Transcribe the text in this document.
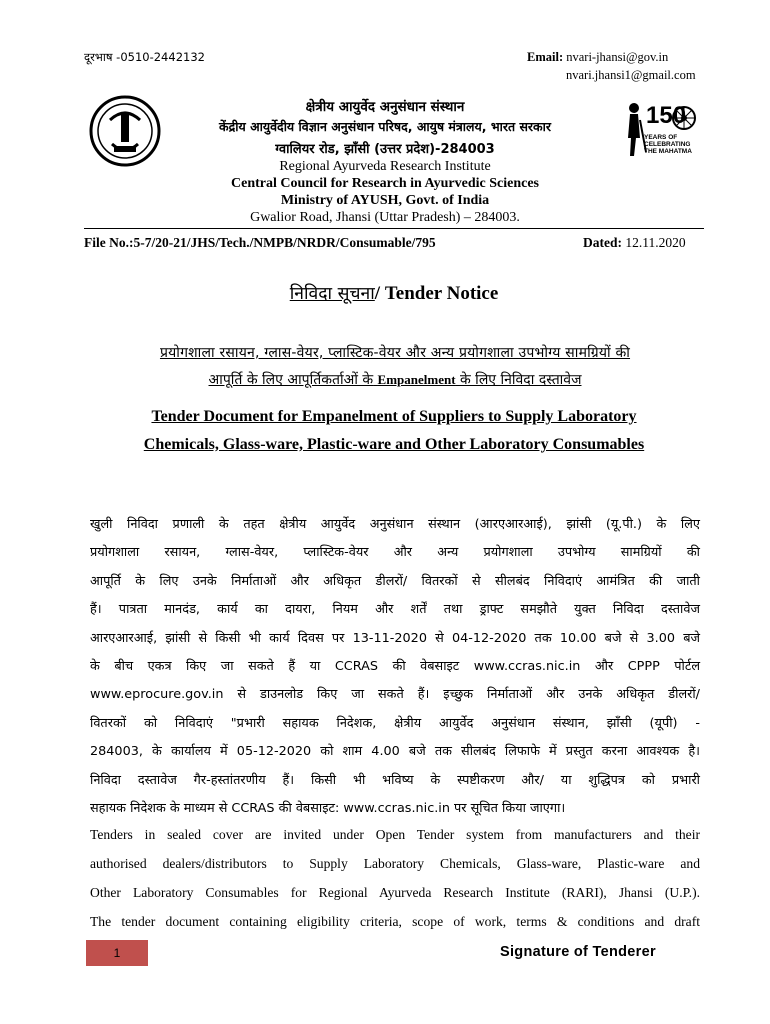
दूरभाष -0510-2442132	Email: nvari-jhansi@gov.in
nvari.jhansi1@gmail.com
150
YEARS OF
CELEBRATING
THE MAHATMA
क्षेत्रीय आयुर्वेद अनुसंधान संस्थान
केंद्रीय आयुर्वेदीय विज्ञान अनुसंधान परिषद, आयुष मंत्रालय, भारत सरकार
ग्वालियर रोड, झाँसी (उत्तर प्रदेश)-284003
Regional Ayurveda Research Institute
Central Council for Research in Ayurvedic Sciences
Ministry of AYUSH, Govt. of India
Gwalior Road, Jhansi (Uttar Pradesh) – 284003.
File No.:5-7/20-21/JHS/Tech./NMPB/NRDR/Consumable/795	Dated: 12.11.2020
निविदा सूचना/ Tender Notice
प्रयोगशाला रसायन, ग्लास-वेयर, प्लास्टिक-वेयर और अन्य प्रयोगशाला उपभोग्य सामग्रियों की
आपूर्ति के लिए आपूर्तिकर्ताओं के Empanelment के लिए निविदा दस्तावेज
Tender Document for Empanelment of Suppliers to Supply Laboratory
Chemicals, Glass-ware, Plastic-ware and Other Laboratory Consumables
खुली निविदा प्रणाली के तहत क्षेत्रीय आयुर्वेद अनुसंधान संस्थान (आरएआरआई), झांसी (यू.पी.) के लिए
प्रयोगशाला रसायन, ग्लास-वेयर, प्लास्टिक-वेयर और अन्य प्रयोगशाला उपभोग्य सामग्रियों की
आपूर्ति के लिए उनके निर्माताओं और अधिकृत डीलरों/ वितरकों से सीलबंद निविदाएं आमंत्रित की जाती
हैं। पात्रता मानदंड, कार्य का दायरा, नियम और शर्तें तथा ड्राफ्ट समझौते युक्त निविदा दस्तावेज
आरएआरआई, झांसी से किसी भी कार्य दिवस पर 13-11-2020 से 04-12-2020 तक 10.00 बजे से 3.00 बजे
के बीच एकत्र किए जा सकते हैं या CCRAS की वेबसाइट www.ccras.nic.in और CPPP पोर्टल
www.eprocure.gov.in से डाउनलोड किए जा सकते हैं। इच्छुक निर्माताओं और उनके अधिकृत डीलरों/
वितरकों को निविदाएं "प्रभारी सहायक निदेशक, क्षेत्रीय आयुर्वेद अनुसंधान संस्थान, झाँसी (यूपी) -
284003, के कार्यालय में 05-12-2020 को शाम 4.00 बजे तक सीलबंद लिफाफे में प्रस्तुत करना आवश्यक है।
निविदा दस्तावेज गैर-हस्तांतरणीय हैं। किसी भी भविष्य के स्पष्टीकरण और/ या शुद्धिपत्र को प्रभारी
सहायक निदेशक के माध्यम से CCRAS की वेबसाइट: www.ccras.nic.in पर सूचित किया जाएगा।
Tenders in sealed cover are invited under Open Tender system from manufacturers and their
authorised dealers/distributors to Supply Laboratory Chemicals, Glass-ware, Plastic-ware and
Other Laboratory Consumables for Regional Ayurveda Research Institute (RARI), Jhansi (U.P.).
The tender document containing eligibility criteria, scope of work, terms & conditions and draft
1	Signature of Tenderer
